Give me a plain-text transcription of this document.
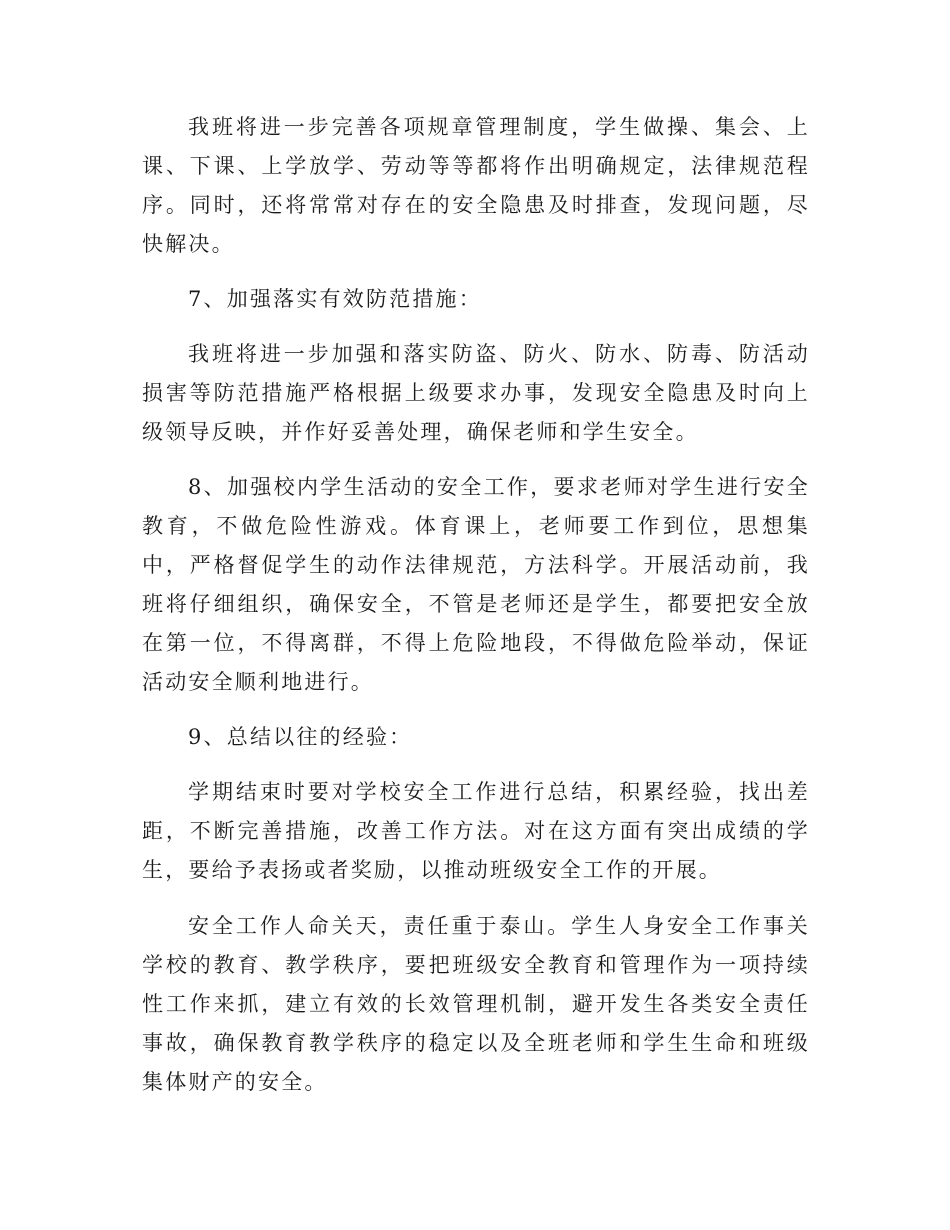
我班将进一步完善各项规章管理制度，学生做操、集会、上课、下课、上学放学、劳动等等都将作出明确规定，法律规范程序。同时，还将常常对存在的安全隐患及时排查，发现问题，尽快解决。

7、加强落实有效防范措施：

我班将进一步加强和落实防盗、防火、防水、防毒、防活动损害等防范措施严格根据上级要求办事，发现安全隐患及时向上级领导反映，并作好妥善处理，确保老师和学生安全。

8、加强校内学生活动的安全工作，要求老师对学生进行安全教育，不做危险性游戏。体育课上，老师要工作到位，思想集中，严格督促学生的动作法律规范，方法科学。开展活动前，我班将仔细组织，确保安全，不管是老师还是学生，都要把安全放在第一位，不得离群，不得上危险地段，不得做危险举动，保证活动安全顺利地进行。

9、总结以往的经验：

学期结束时要对学校安全工作进行总结，积累经验，找出差距，不断完善措施，改善工作方法。对在这方面有突出成绩的学生，要给予表扬或者奖励，以推动班级安全工作的开展。

安全工作人命关天，责任重于泰山。学生人身安全工作事关学校的教育、教学秩序，要把班级安全教育和管理作为一项持续性工作来抓，建立有效的长效管理机制，避开发生各类安全责任事故，确保教育教学秩序的稳定以及全班老师和学生生命和班级集体财产的安全。
